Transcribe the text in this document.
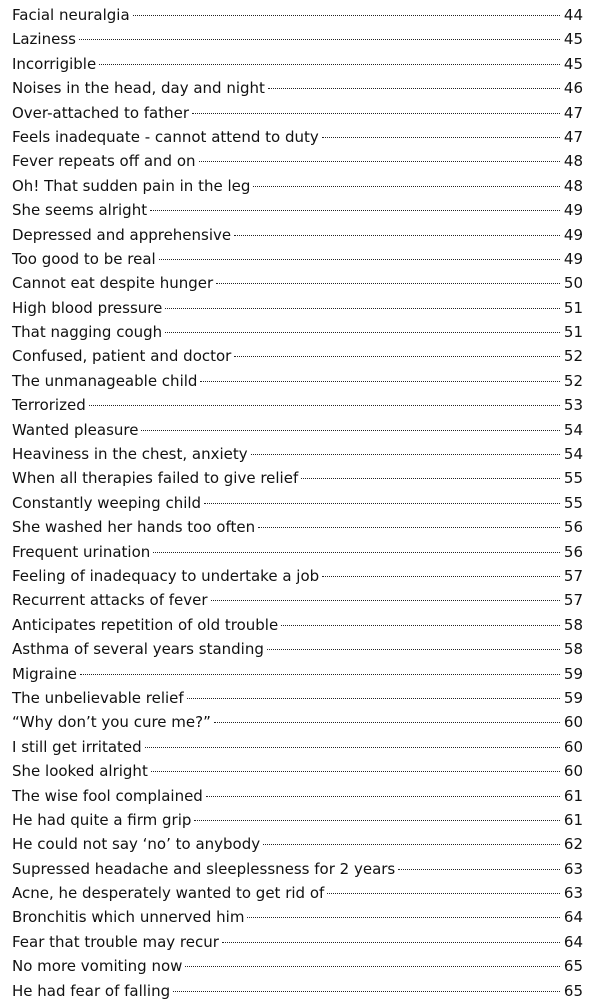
Facial neuralgia	44
Laziness	45
Incorrigible	45
Noises in the head, day and night	46
Over-attached to father	47
Feels inadequate - cannot attend to duty	47
Fever repeats off and on	48
Oh! That sudden pain in the leg	48
She seems alright	49
Depressed and apprehensive	49
Too good to be real	49
Cannot eat despite hunger	50
High blood pressure	51
That nagging cough	51
Confused, patient and doctor	52
The unmanageable child	52
Terrorized	53
Wanted pleasure	54
Heaviness in the chest, anxiety	54
When all therapies failed to give relief	55
Constantly weeping child	55
She washed her hands too often	56
Frequent urination	56
Feeling of inadequacy to undertake a job	57
Recurrent attacks of fever	57
Anticipates repetition of old trouble	58
Asthma of several years standing	58
Migraine	59
The unbelievable relief	59
“Why don’t you cure me?”	60
I still get irritated	60
She looked alright	60
The wise fool complained	61
He had quite a firm grip	61
He could not say ‘no’ to anybody	62
Supressed headache and sleeplessness for 2 years	63
Acne, he desperately wanted to get rid of	63
Bronchitis which unnerved him	64
Fear that trouble may recur	64
No more vomiting now	65
He had fear of falling	65
